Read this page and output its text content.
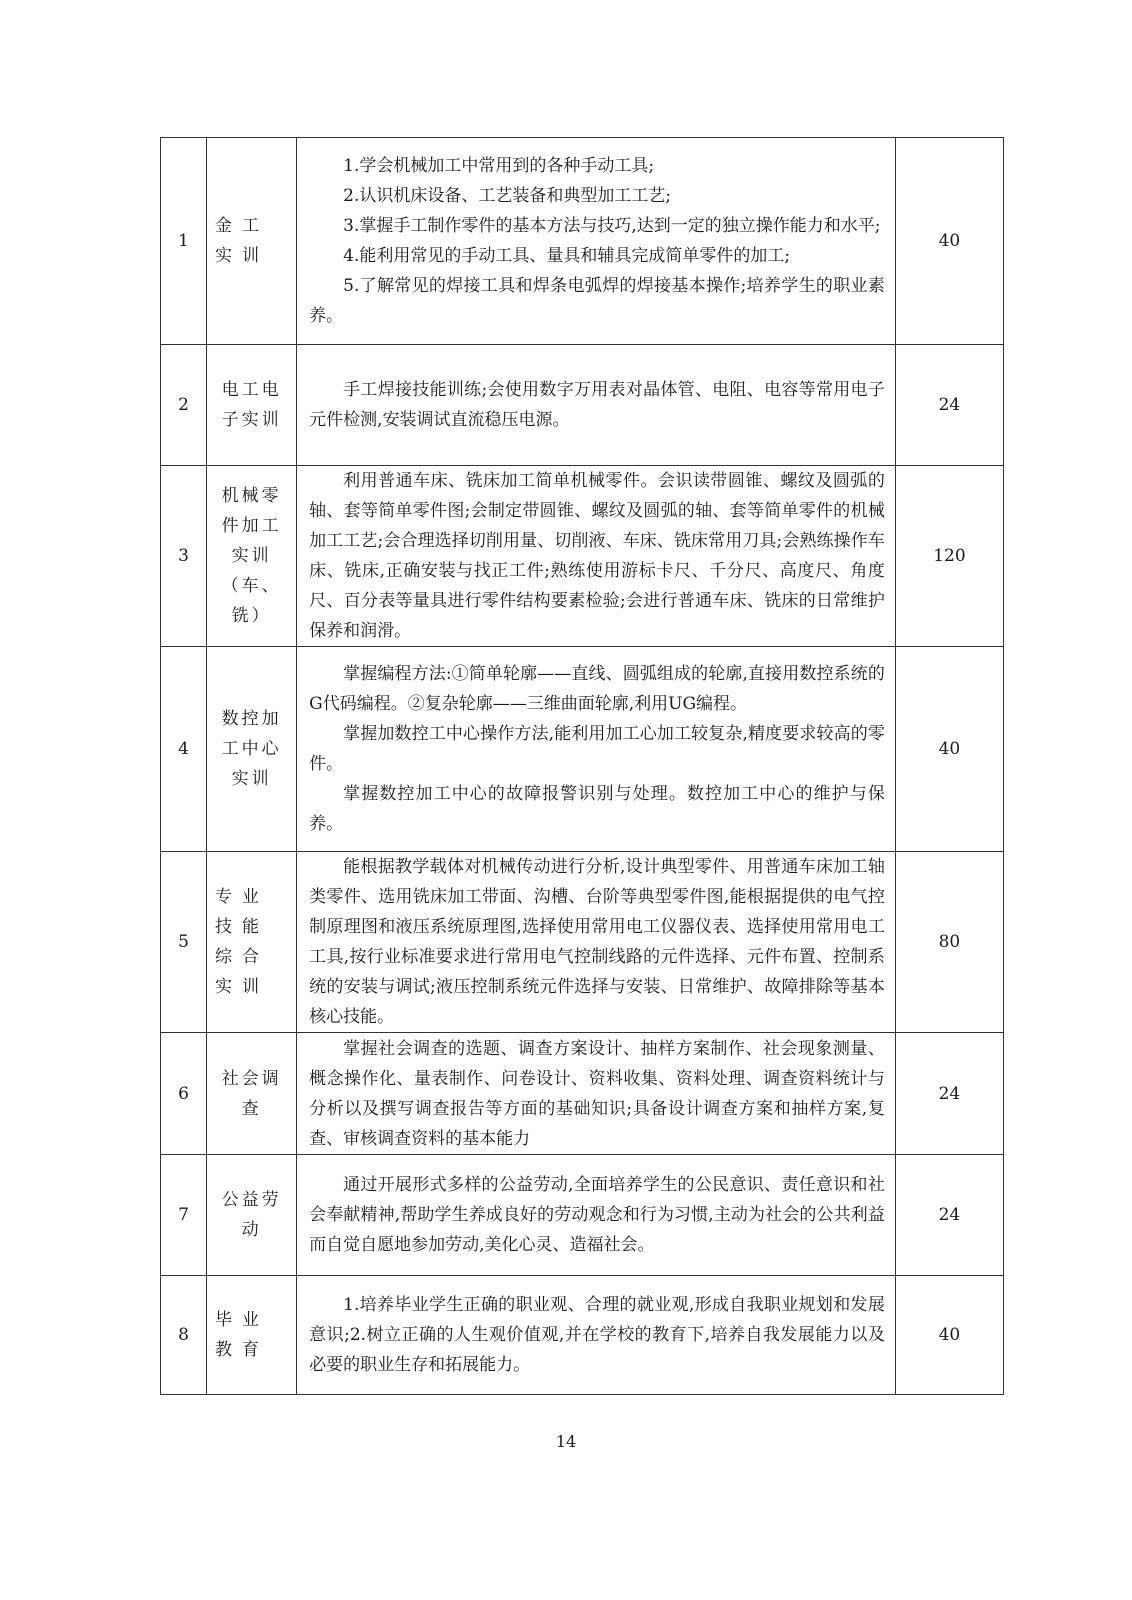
1	金工实训	1.学会机械加工中常用到的各种手动工具;

2.认识机床设备、工艺装备和典型加工工艺;

3.掌握手工制作零件的基本方法与技巧,达到一定的独立操作能力和水平;

4.能利用常见的手动工具、量具和辅具完成简单零件的加工;

5.了解常见的焊接工具和焊条电弧焊的焊接基本操作;培养学生的职业素养。	40
2	电工电子实训	手工焊接技能训练;会使用数字万用表对晶体管、电阻、电容等常用电子元件检测,安装调试直流稳压电源。	24
3	机械零件加工实训（车、铣）	利用普通车床、铣床加工简单机械零件。会识读带圆锥、螺纹及圆弧的轴、套等简单零件图;会制定带圆锥、螺纹及圆弧的轴、套等简单零件的机械加工工艺;会合理选择切削用量、切削液、车床、铣床常用刀具;会熟练操作车床、铣床,正确安装与找正工件;熟练使用游标卡尺、千分尺、高度尺、角度尺、百分表等量具进行零件结构要素检验;会进行普通车床、铣床的日常维护保养和润滑。	120
4	数控加工中心实训	掌握编程方法:①简单轮廓——直线、圆弧组成的轮廓,直接用数控系统的G代码编程。②复杂轮廓——三维曲面轮廓,利用UG编程。

掌握加数控工中心操作方法,能利用加工心加工较复杂,精度要求较高的零件。

掌握数控加工中心的故障报警识别与处理。数控加工中心的维护与保养。	40
5	专业技能综合实训	能根据教学载体对机械传动进行分析,设计典型零件、用普通车床加工轴类零件、选用铣床加工带面、沟槽、台阶等典型零件图,能根据提供的电气控制原理图和液压系统原理图,选择使用常用电工仪器仪表、选择使用常用电工工具,按行业标准要求进行常用电气控制线路的元件选择、元件布置、控制系统的安装与调试;液压控制系统元件选择与安装、日常维护、故障排除等基本核心技能。	80
6	社会调查	掌握社会调查的选题、调查方案设计、抽样方案制作、社会现象测量、概念操作化、量表制作、问卷设计、资料收集、资料处理、调查资料统计与分析以及撰写调查报告等方面的基础知识;具备设计调查方案和抽样方案,复查、审核调查资料的基本能力	24
7	公益劳动	通过开展形式多样的公益劳动,全面培养学生的公民意识、责任意识和社会奉献精神,帮助学生养成良好的劳动观念和行为习惯,主动为社会的公共利益而自觉自愿地参加劳动,美化心灵、造福社会。	24
8	毕业教育	1.培养毕业学生正确的职业观、合理的就业观,形成自我职业规划和发展意识;2.树立正确的人生观价值观,并在学校的教育下,培养自我发展能力以及必要的职业生存和拓展能力。	40
14
